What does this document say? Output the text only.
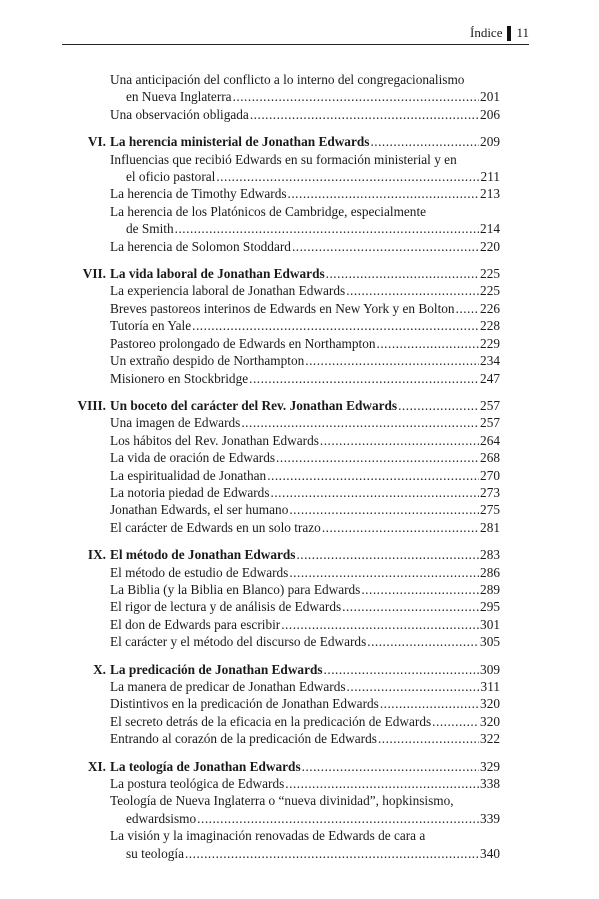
Índice 11
Una anticipación del conflicto a lo interno del congregacionalismo
en Nueva Inglaterra .....	201
Una observación obligada .....	206
VI. La herencia ministerial de Jonathan Edwards .....	209
Influencias que recibió Edwards en su formación ministerial y en
el oficio pastoral .....	211
La herencia de Timothy Edwards .....	213
La herencia de los Platónicos de Cambridge, especialmente
de Smith .....	214
La herencia de Solomon Stoddard .....	220
VII. La vida laboral de Jonathan Edwards .....	225
La experiencia laboral de Jonathan Edwards .....	225
Breves pastoreos interinos de Edwards en New York y en Bolton ..... 226
Tutoría en Yale .....	228
Pastoreo prolongado de Edwards en Northampton .....	229
Un extraño despido de Northampton .....	234
Misionero en Stockbridge .....	247
VIII. Un boceto del carácter del Rev. Jonathan Edwards .....	257
Una imagen de Edwards .....	257
Los hábitos del Rev. Jonathan Edwards .....	264
La vida de oración de Edwards .....	268
La espiritualidad de Jonathan .....	270
La notoria piedad de Edwards .....	273
Jonathan Edwards, el ser humano .....	275
El carácter de Edwards en un solo trazo .....	281
IX. El método de Jonathan Edwards .....	283
El método de estudio de Edwards .....	286
La Biblia (y la Biblia en Blanco) para Edwards .....	289
El rigor de lectura y de análisis de Edwards .....	295
El don de Edwards para escribir .....	301
El carácter y el método del discurso de Edwards .....	305
X. La predicación de Jonathan Edwards .....	309
La manera de predicar de Jonathan Edwards .....	311
Distintivos en la predicación de Jonathan Edwards .....	320
El secreto detrás de la eficacia en la predicación de Edwards .....	320
Entrando al corazón de la predicación de Edwards .....	322
XI. La teología de Jonathan Edwards .....	329
La postura teológica de Edwards .....	338
Teología de Nueva Inglaterra o “nueva divinidad”, hopkinsismo,
edwardsismo .....	339
La visión y la imaginación renovadas de Edwards de cara a
su teología .....	340
